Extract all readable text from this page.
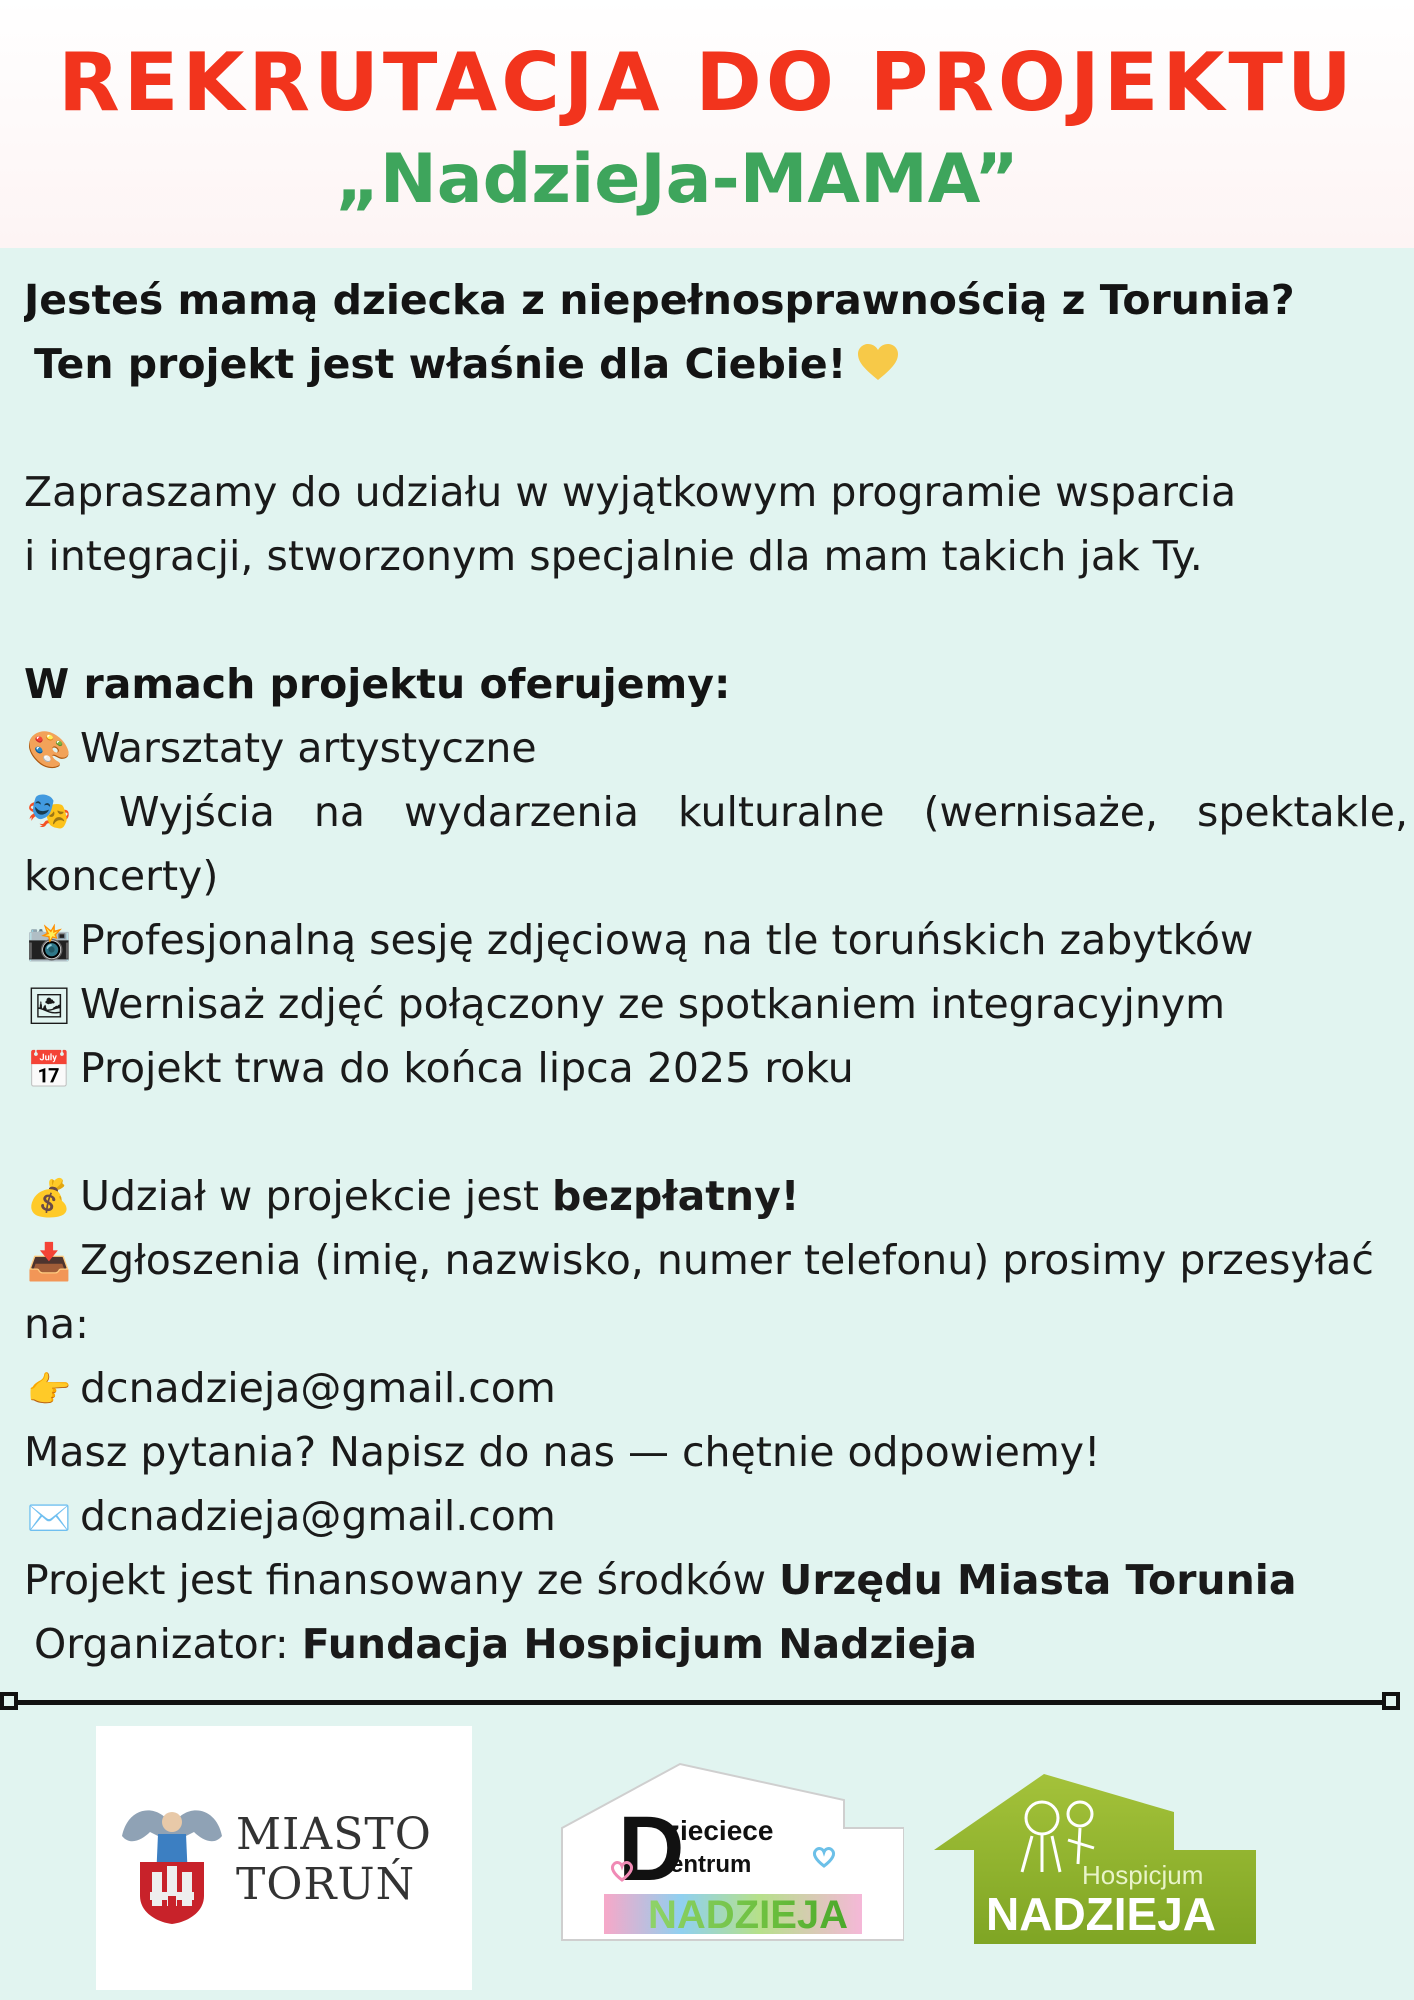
REKRUTACJA DO PROJEKTU
„NadzieJa-MAMA”
Jesteś mamą dziecka z niepełnosprawnością z Torunia?
Ten projekt jest właśnie dla Ciebie!
Zapraszamy do udziału w wyjątkowym programie wsparcia
i integracji, stworzonym specjalnie dla mam takich jak Ty.
W ramach projektu oferujemy:
🎨 Warsztaty artystyczne
🎭 Wyjścia na wydarzenia kulturalne (wernisaże, spektakle,
koncerty)
📸 Profesjonalną sesję zdjęciową na tle toruńskich zabytków
🖼 Wernisaż zdjęć połączony ze spotkaniem integracyjnym
📅 Projekt trwa do końca lipca 2025 roku
💰 Udział w projekcie jest bezpłatny!
📥 Zgłoszenia (imię, nazwisko, numer telefonu) prosimy przesyłać
na:
👉 dcnadzieja@gmail.com
Masz pytania? Napisz do nas — chętnie odpowiemy!
✉️ dcnadzieja@gmail.com
Projekt jest finansowany ze środków Urzędu Miasta Torunia
Organizator: Fundacja Hospicjum Nadzieja
MIASTO
TORUŃ D
zieciece
entrum
NADZIEJA
Hospicjum
NADZIEJA
